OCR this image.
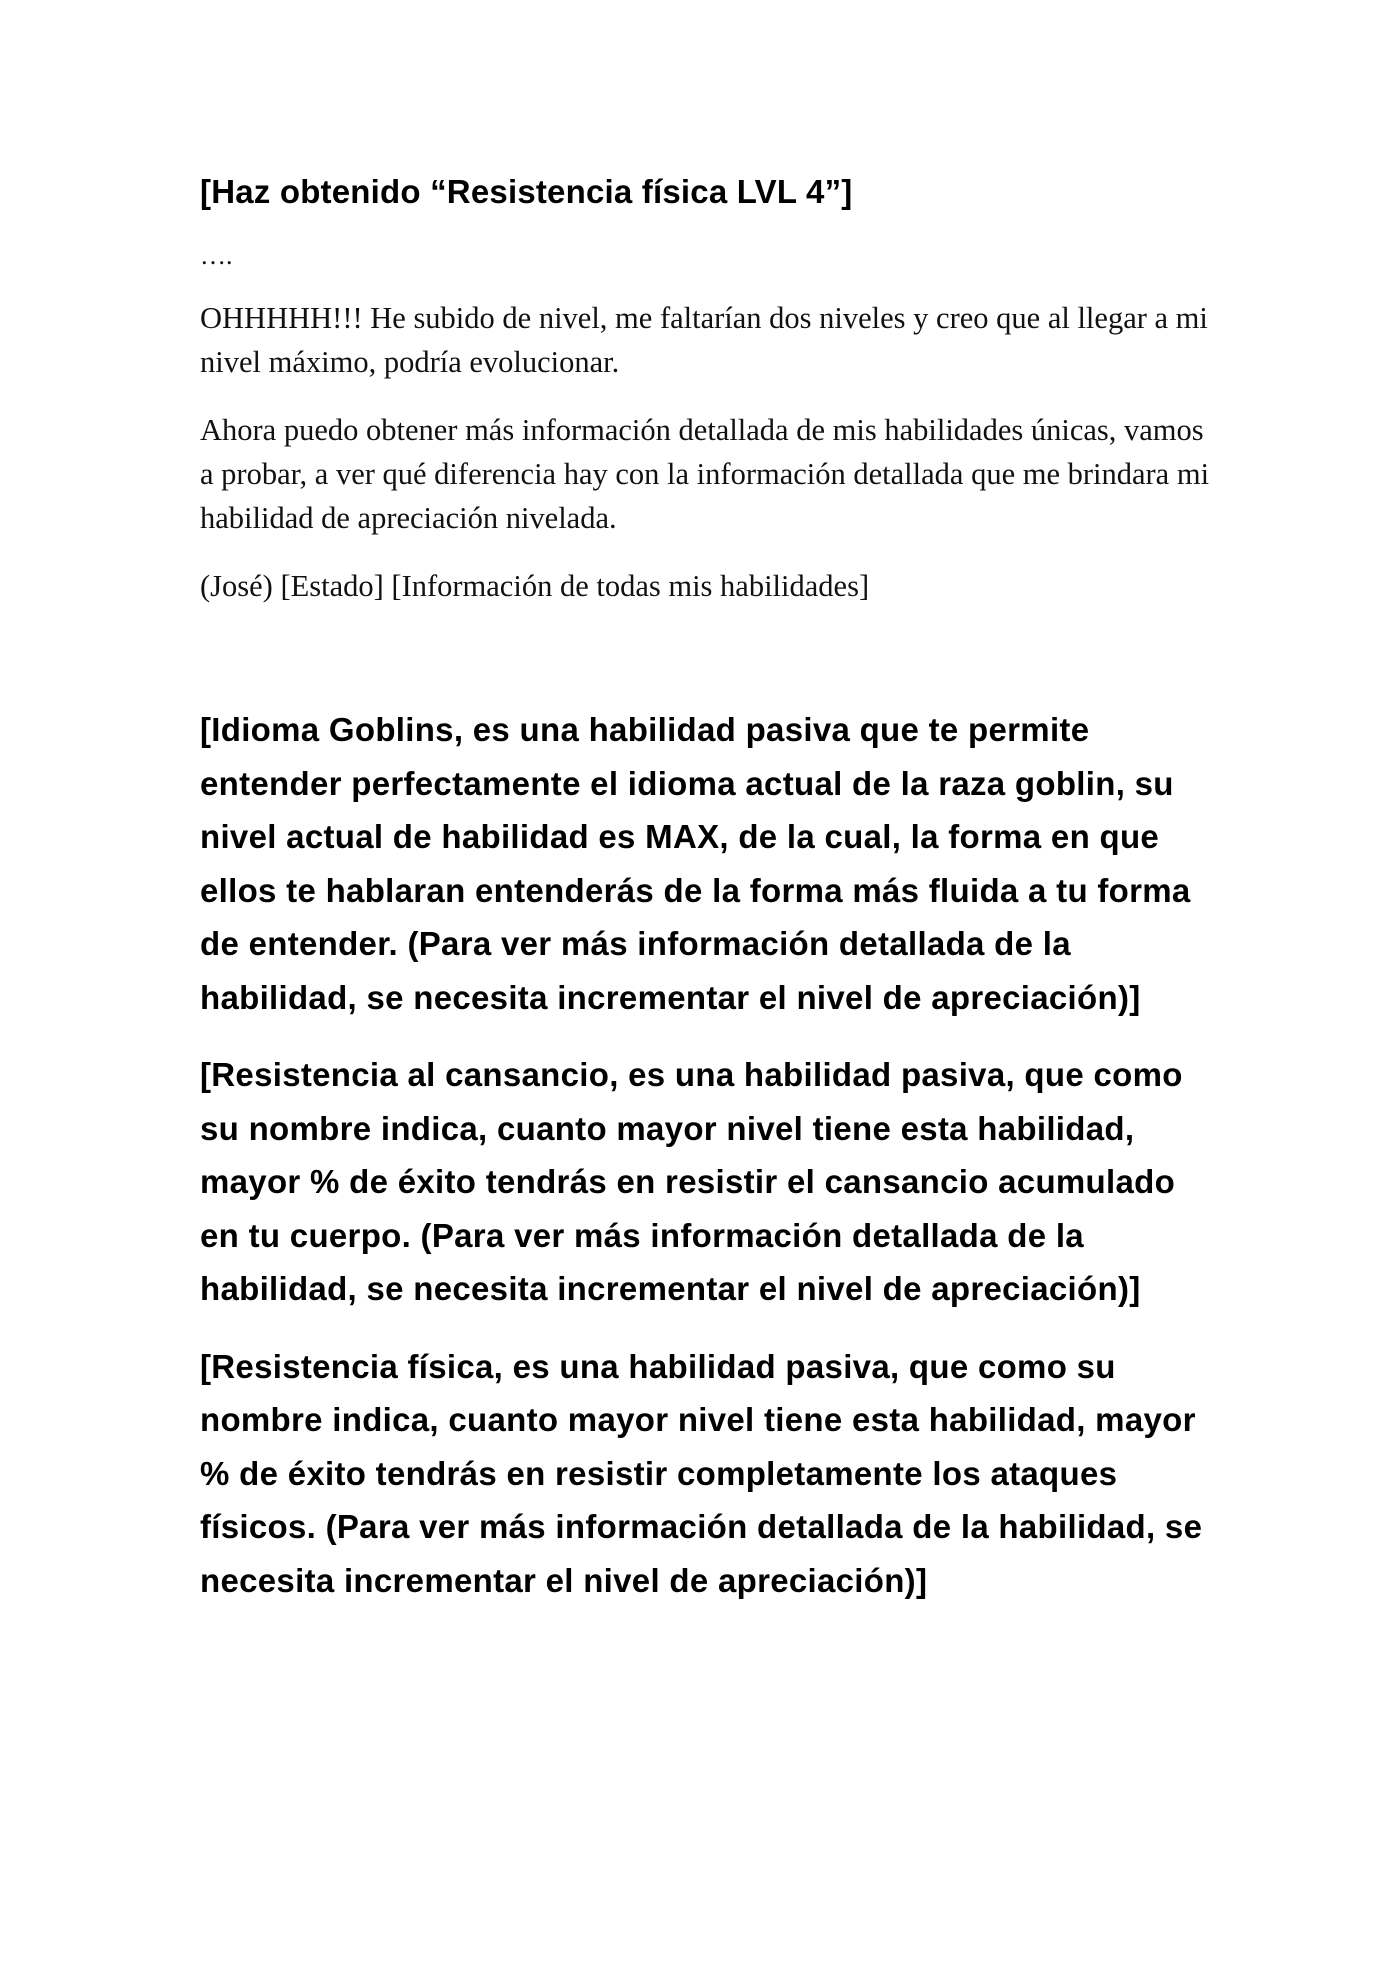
[Haz obtenido “Resistencia física LVL 4”]

….

OHHHHH!!! He subido de nivel, me faltarían dos niveles y creo que al llegar a mi nivel máximo, podría evolucionar.

Ahora puedo obtener más información detallada de mis habilidades únicas, vamos a probar, a ver qué diferencia hay con la información detallada que me brindara mi habilidad de apreciación nivelada.

(José) [Estado] [Información de todas mis habilidades]

[Idioma Goblins, es una habilidad pasiva que te permite entender perfectamente el idioma actual de la raza goblin, su nivel actual de habilidad es MAX, de la cual, la forma en que ellos te hablaran entenderás de la forma más fluida a tu forma de entender. (Para ver más información detallada de la habilidad, se necesita incrementar el nivel de apreciación)]

[Resistencia al cansancio, es una habilidad pasiva, que como su nombre indica, cuanto mayor nivel tiene esta habilidad, mayor % de éxito tendrás en resistir el cansancio acumulado en tu cuerpo. (Para ver más información detallada de la habilidad, se necesita incrementar el nivel de apreciación)]

[Resistencia física, es una habilidad pasiva, que como su nombre indica, cuanto mayor nivel tiene esta habilidad, mayor % de éxito tendrás en resistir completamente los ataques físicos. (Para ver más información detallada de la habilidad, se necesita incrementar el nivel de apreciación)]
